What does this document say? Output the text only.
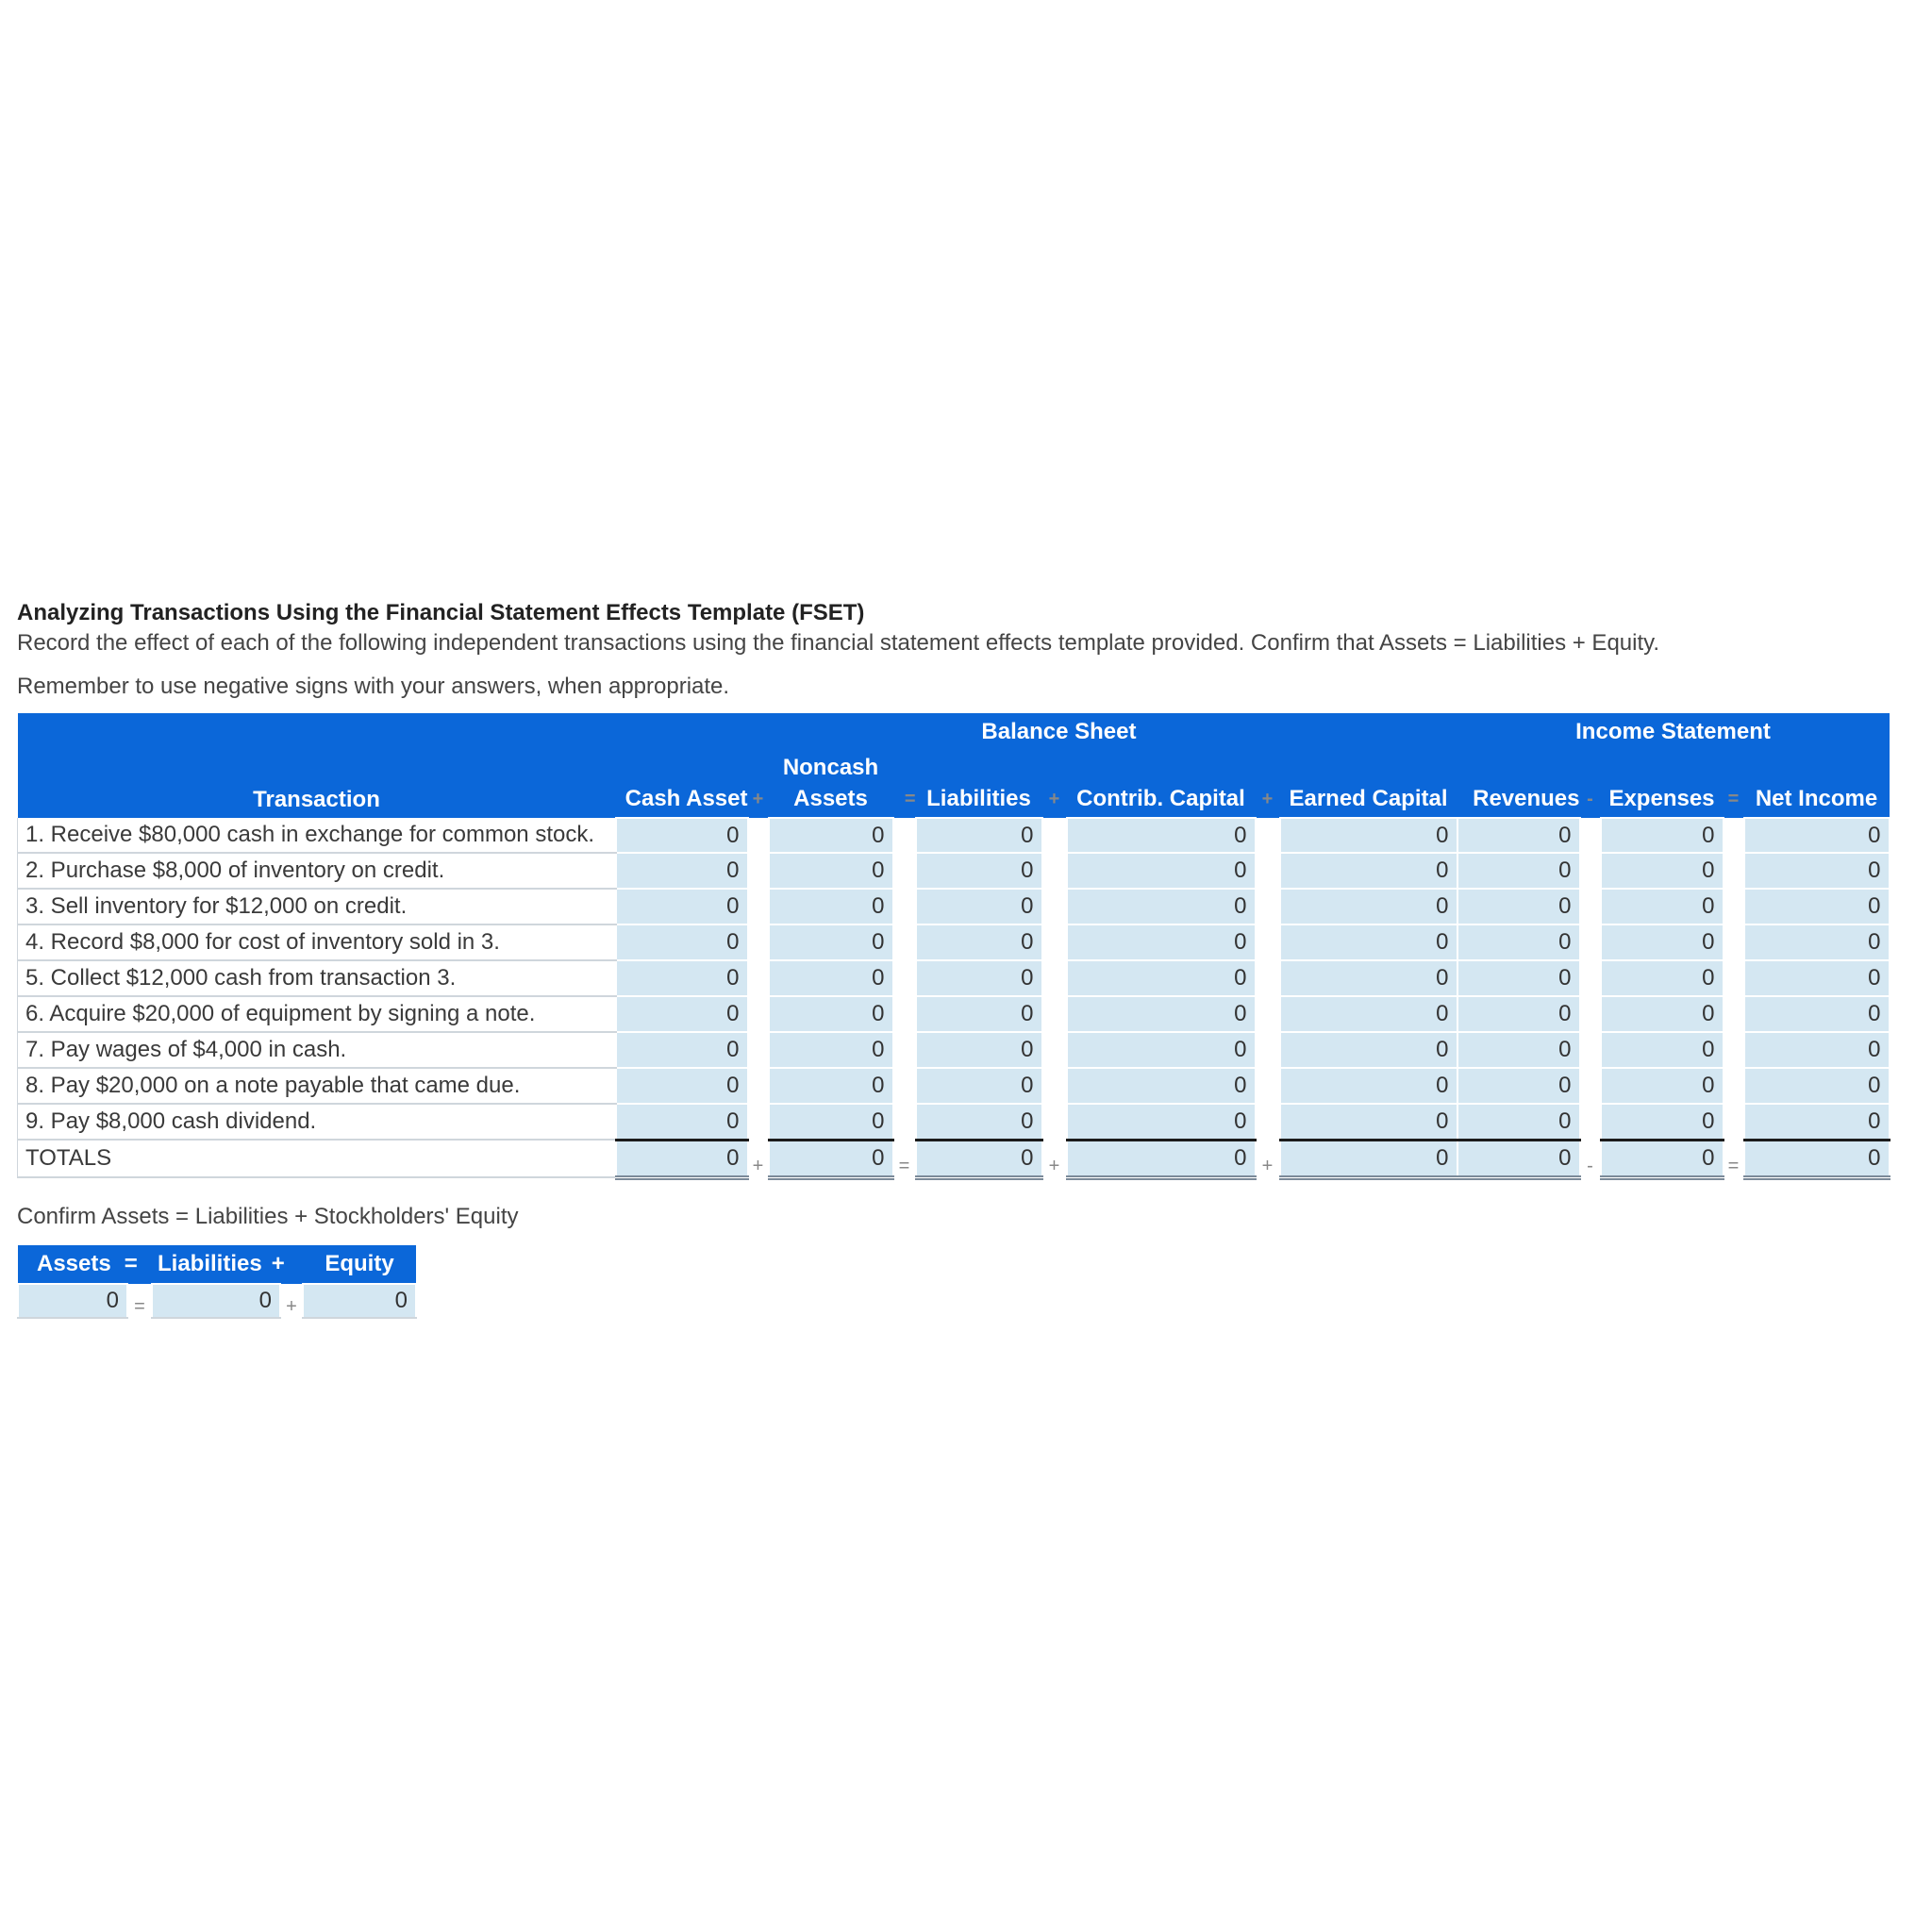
Analyzing Transactions Using the Financial Statement Effects Template (FSET)
Record the effect of each of the following independent transactions using the financial statement effects template provided. Confirm that Assets = Liabilities + Equity.
Remember to use negative signs with your answers, when appropriate.
Balance Sheet										Income Statement				
			Noncash											
Transaction	Cash Asset	+	Assets	=	Liabilities	+	Contrib. Capital	+	Earned Capital	Revenues	-	Expenses	=	Net Income
1. Receive $80,000 cash in exchange for common stock.	0		0		0		0		0	0		0		0
2. Purchase $8,000 of inventory on credit.	0		0		0		0		0	0		0		0
3. Sell inventory for $12,000 on credit.	0		0		0		0		0	0		0		0
4. Record $8,000 for cost of inventory sold in 3.	0		0		0		0		0	0		0		0
5. Collect $12,000 cash from transaction 3.	0		0		0		0		0	0		0		0
6. Acquire $20,000 of equipment by signing a note.	0		0		0		0		0	0		0		0
7. Pay wages of $4,000 in cash.	0		0		0		0		0	0		0		0
8. Pay $20,000 on a note payable that came due.	0		0		0		0		0	0		0		0
9. Pay $8,000 cash dividend.	0		0		0		0		0	0		0		0
TOTALS	0	+	0	=	0	+	0	+	0	0	-	0	=	0
Confirm Assets = Liabilities + Stockholders' Equity
Assets =		Liabilities +		Equity
0	=	0	+	0
